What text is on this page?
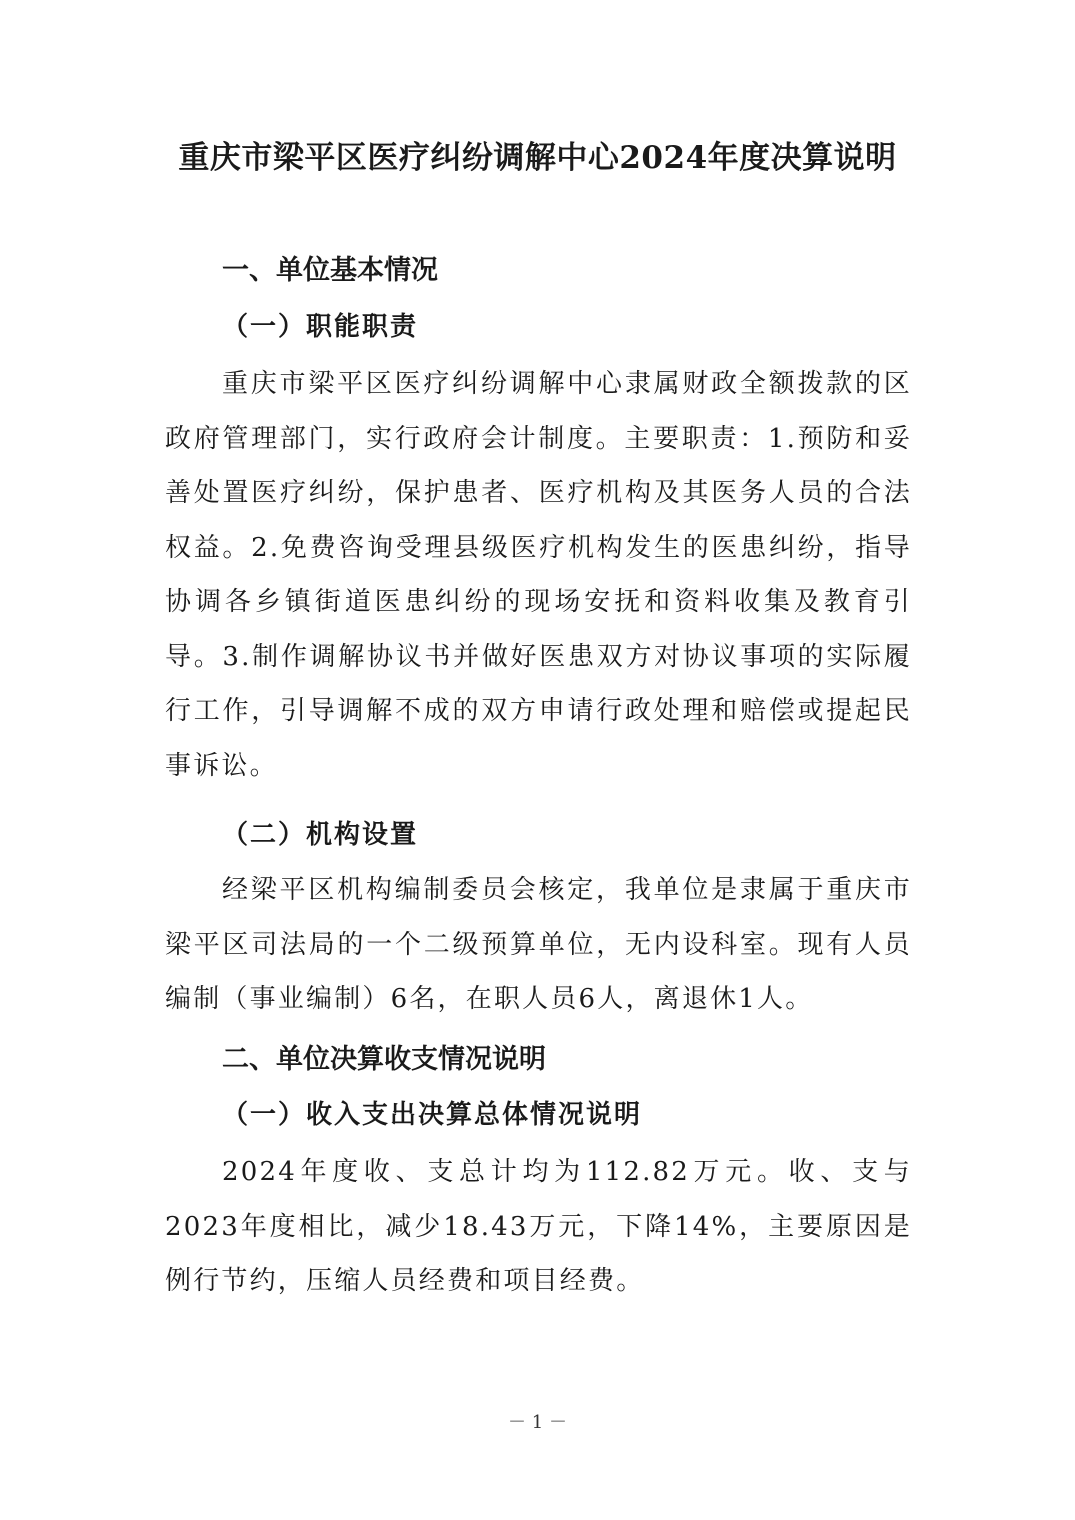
重庆市梁平区医疗纠纷调解中心2024年度决算说明
一、单位基本情况
（一）职能职责

重庆市梁平区医疗纠纷调解中心隶属财政全额拨款的区政府管理部门，实行政府会计制度。主要职责：1.预防和妥善处置医疗纠纷，保护患者、医疗机构及其医务人员的合法权益。2.免费咨询受理县级医疗机构发生的医患纠纷，指导协调各乡镇街道医患纠纷的现场安抚和资料收集及教育引导。3.制作调解协议书并做好医患双方对协议事项的实际履行工作，引导调解不成的双方申请行政处理和赔偿或提起民事诉讼。

（二）机构设置

经梁平区机构编制委员会核定，我单位是隶属于重庆市梁平区司法局的一个二级预算单位，无内设科室。现有人员编制（事业编制）6名，在职人员6人，离退休1人。

二、单位决算收支情况说明
（一）收入支出决算总体情况说明

2024年度收、支总计均为112.82万元。收、支与2023年度相比，减少18.43万元，下降14%，主要原因是例行节约，压缩人员经费和项目经费。

－ 1 －
